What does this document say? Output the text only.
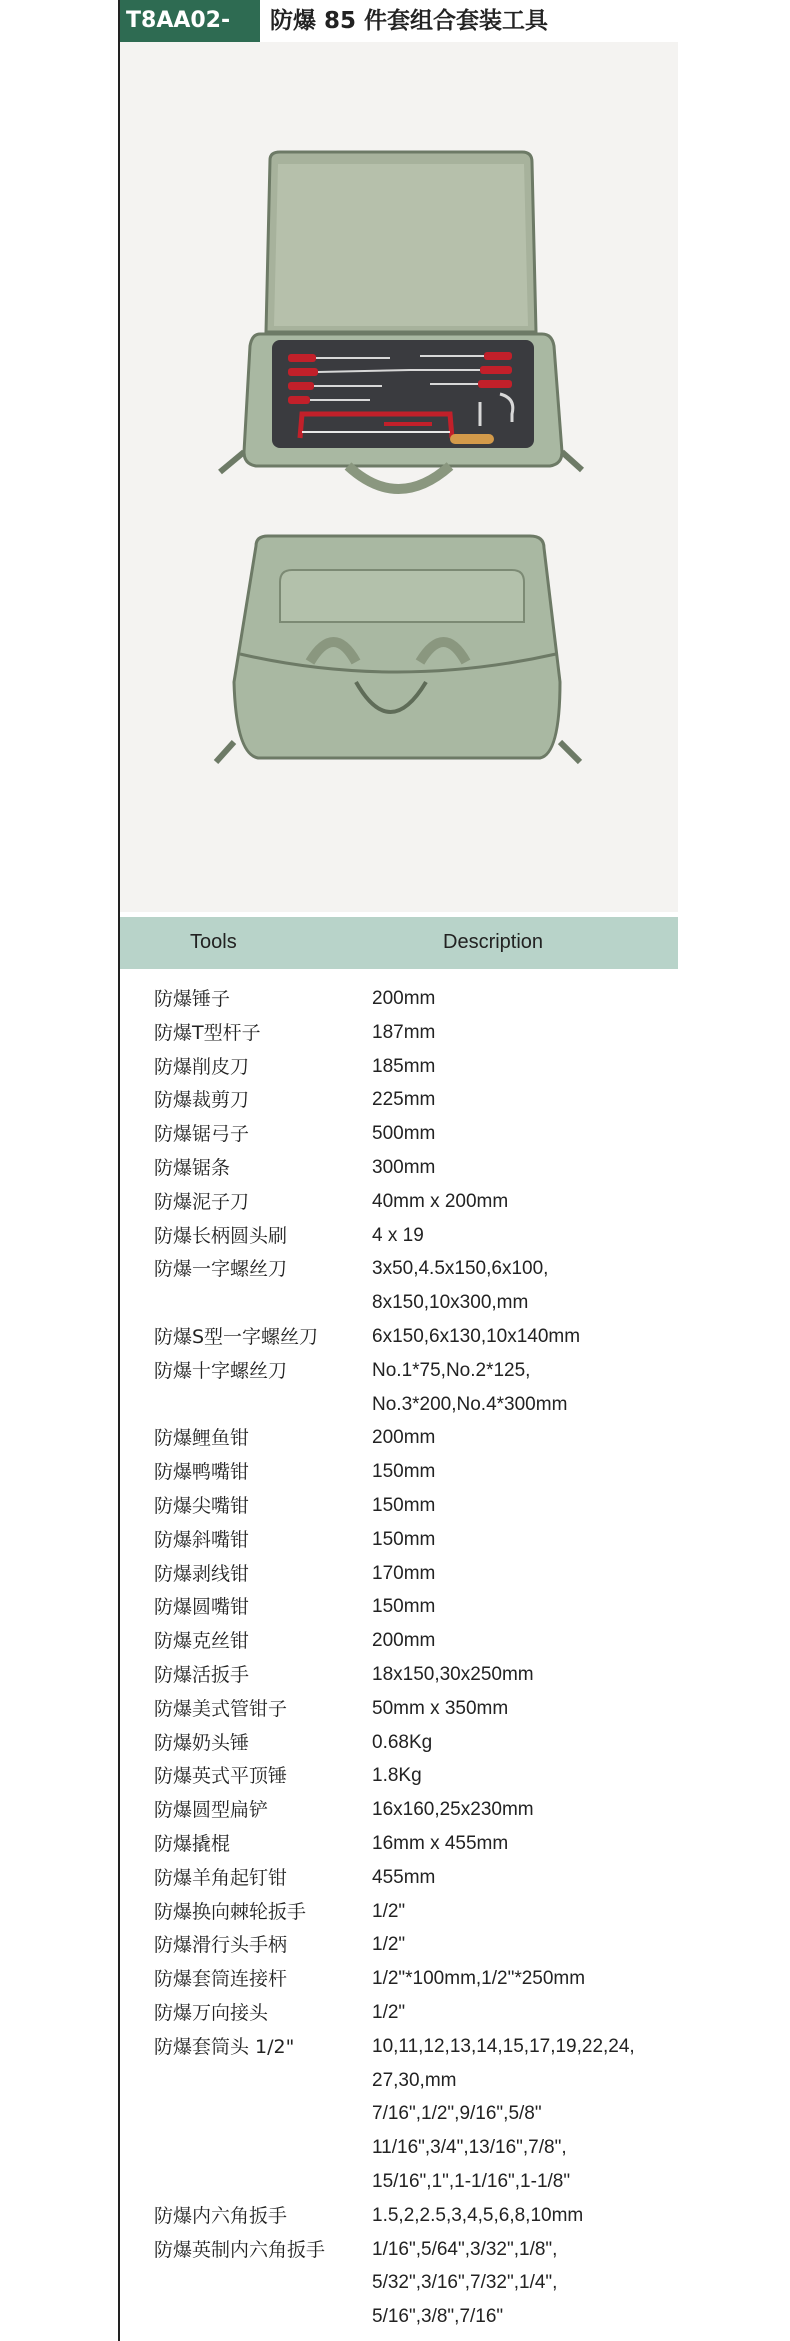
T8AA02-	防爆 85 件套组合套装工具
Tools	Description
防爆锤子	200mm
防爆T型杆子	187mm
防爆削皮刀	185mm
防爆裁剪刀	225mm
防爆锯弓子	500mm
防爆锯条	300mm
防爆泥子刀	40mm x 200mm
防爆长柄圆头刷	4 x 19
防爆一字螺丝刀	3x50,4.5x150,6x100,
8x150,10x300,mm
防爆S型一字螺丝刀	6x150,6x130,10x140mm
防爆十字螺丝刀	No.1*75,No.2*125,
No.3*200,No.4*300mm
防爆鲤鱼钳	200mm
防爆鸭嘴钳	150mm
防爆尖嘴钳	150mm
防爆斜嘴钳	150mm
防爆剥线钳	170mm
防爆圆嘴钳	150mm
防爆克丝钳	200mm
防爆活扳手	18x150,30x250mm
防爆美式管钳子	50mm x 350mm
防爆奶头锤	0.68Kg
防爆英式平顶锤	1.8Kg
防爆圆型扁铲	16x160,25x230mm
防爆撬棍	16mm x 455mm
防爆羊角起钉钳	455mm
防爆换向棘轮扳手	1/2"
防爆滑行头手柄	1/2"
防爆套筒连接杆	1/2"*100mm,1/2"*250mm
防爆万向接头	1/2"
防爆套筒头 1/2"	10,11,12,13,14,15,17,19,22,24,
27,30,mm
7/16",1/2",9/16",5/8"
11/16",3/4",13/16",7/8",
15/16",1",1-1/16",1-1/8"
防爆内六角扳手	1.5,2,2.5,3,4,5,6,8,10mm
防爆英制内六角扳手 1/16",5/64",3/32",1/8",
5/32",3/16",7/32",1/4",
5/16",3/8",7/16"
